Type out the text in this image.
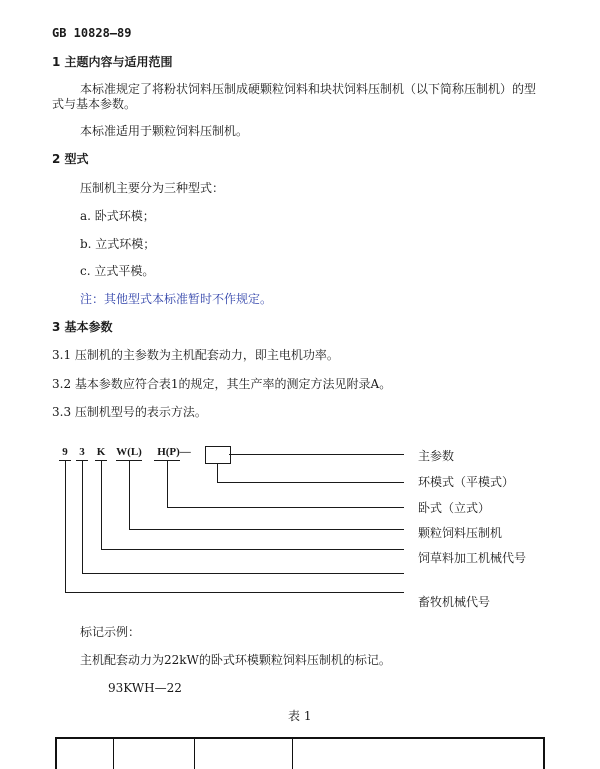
GB 10828—89
1 主题内容与适用范围
本标准规定了将粉状饲料压制成硬颗粒饲料和块状饲料压制机（以下简称压制机）的型
式与基本参数。
本标准适用于颗粒饲料压制机。
2 型式
压制机主要分为三种型式：
a. 卧式环模；
b. 立式环模；
c. 立式平模。
注：其他型式本标准暂时不作规定。
3 基本参数
3.1 压制机的主参数为主机配套动力，即主电机功率。
3.2 基本参数应符合表1的规定，其生产率的测定方法见附录A。
3.3 压制机型号的表示方法。
9	3	K W(L)	H(P)—	主参数
环模式（平模式）
卧式（立式）
颗粒饲料压制机
饲草料加工机械代号
畜牧机械代号
标记示例：
主机配套动力为22kW的卧式环模颗粒饲料压制机的标记。
93KWH—22
表 1
